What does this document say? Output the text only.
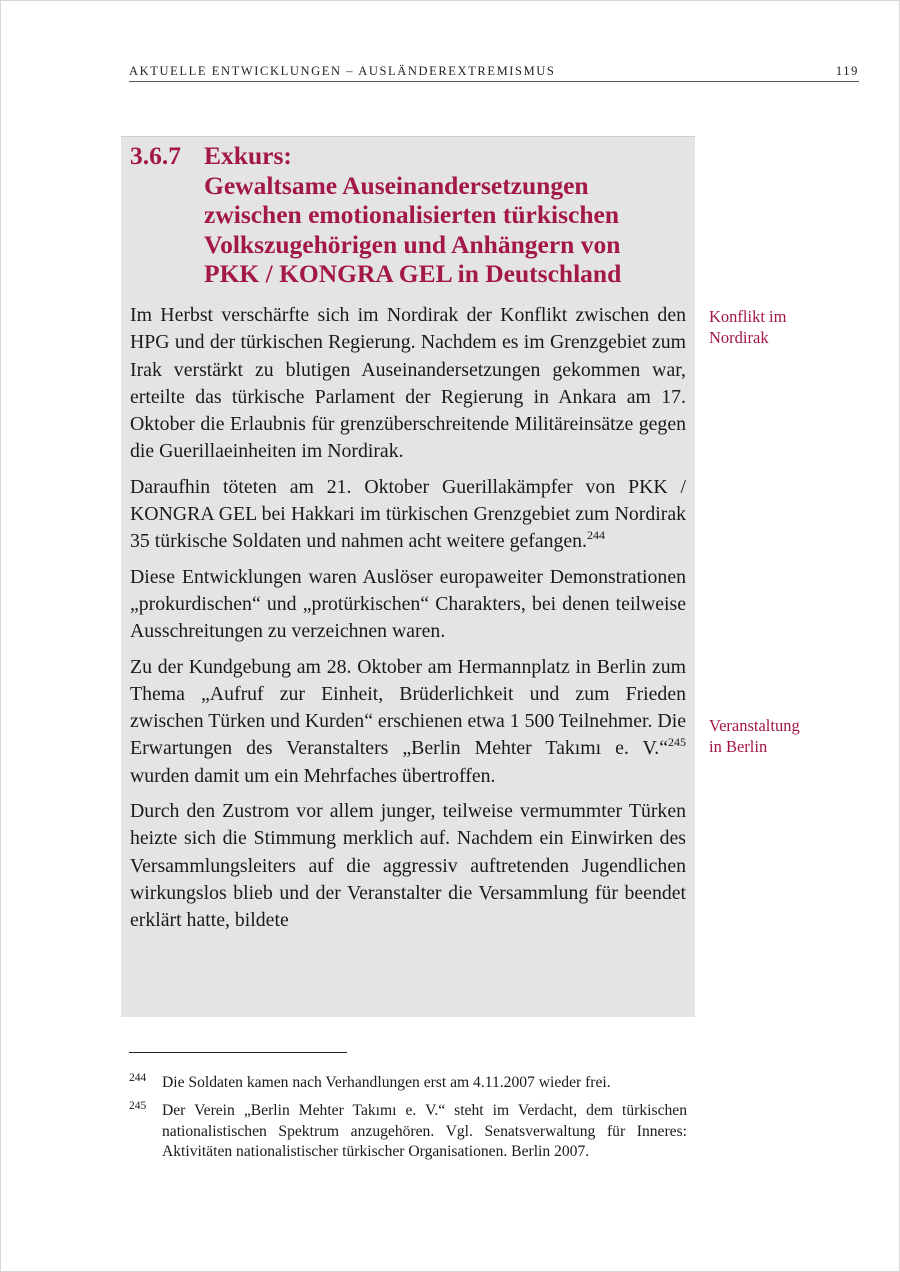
AKTUELLE ENTWICKLUNGEN – AUSLÄNDEREXTREMISMUS	119
3.6.7 Exkurs:
Gewaltsame Auseinandersetzungen
zwischen emotionalisierten türkischen
Volkszugehörigen und Anhängern von
PKK / KONGRA GEL in Deutschland

Im Herbst verschärfte sich im Nordirak der Konflikt zwischen den HPG und der türkischen Regierung. Nachdem es im Grenzgebiet zum Irak verstärkt zu blutigen Auseinandersetzungen gekommen war, erteilte das türkische Parlament der Regierung in Ankara am 17. Oktober die Erlaubnis für grenzüberschreitende Militäreinsätze gegen die Guerillaeinheiten im Nordirak.

Daraufhin töteten am 21. Oktober Guerillakämpfer von PKK / KONGRA GEL bei Hakkari im türkischen Grenzgebiet zum Nordirak 35 türkische Soldaten und nahmen acht weitere gefangen.$^{244}$

Diese Entwicklungen waren Auslöser europaweiter Demonstrationen „prokurdischen“ und „protürkischen“ Charakters, bei denen teilweise Ausschreitungen zu verzeichnen waren.

Zu der Kundgebung am 28. Oktober am Hermannplatz in Berlin zum Thema „Aufruf zur Einheit, Brüderlichkeit und zum Frieden zwischen Türken und Kurden“ erschienen etwa 1 500 Teilnehmer. Die Erwartungen des Veranstalters „Berlin Mehter Takımı e. V.“$^{245}$ wurden damit um ein Mehrfaches übertroffen.

Durch den Zustrom vor allem junger, teilweise vermummter Türken heizte sich die Stimmung merklich auf. Nachdem ein Einwirken des Versammlungsleiters auf die aggressiv auftretenden Jugendlichen wirkungslos blieb und der Veranstalter die Versammlung für beendet erklärt hatte, bildete

Konflikt im
Nordirak
Veranstaltung
in Berlin
244 Die Soldaten kamen nach Verhandlungen erst am 4.11.2007 wieder frei.
245 Der Verein „Berlin Mehter Takımı e. V.“ steht im Verdacht, dem türkischen nationalistischen Spektrum anzugehören. Vgl. Senatsverwaltung für Inneres: Aktivitäten nationalistischer türkischer Organisationen. Berlin 2007.
